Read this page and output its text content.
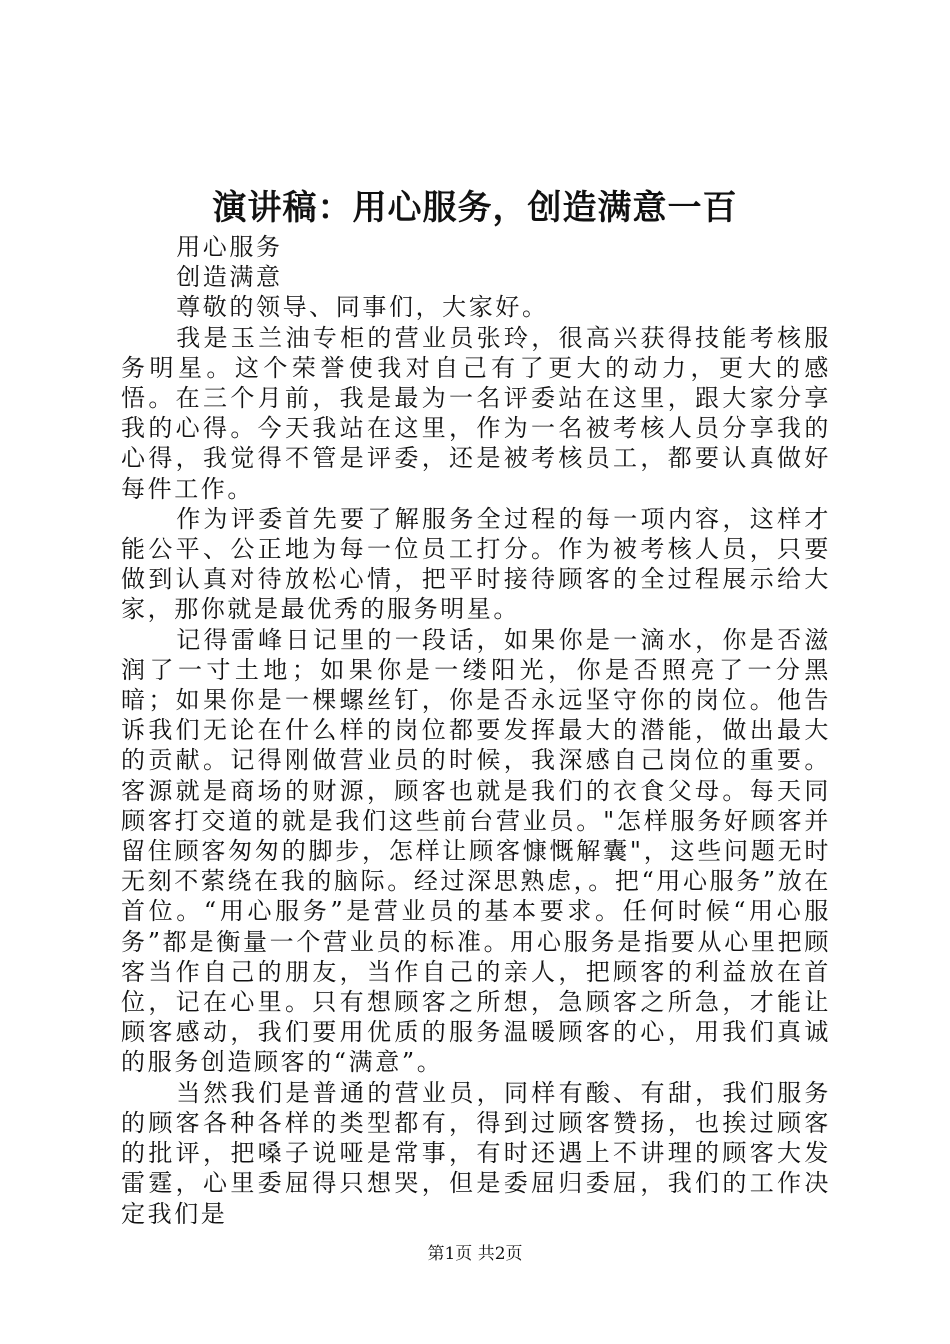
演讲稿：用心服务，创造满意一百

用心服务

创造满意

尊敬的领导、同事们，大家好。

我是玉兰油专柜的营业员张玲，很高兴获得技能考核服务明星。这个荣誉使我对自己有了更大的动力，更大的感悟。在三个月前，我是最为一名评委站在这里，跟大家分享我的心得。今天我站在这里，作为一名被考核人员分享我的心得，我觉得不管是评委，还是被考核员工，都要认真做好每件工作。

作为评委首先要了解服务全过程的每一项内容，这样才能公平、公正地为每一位员工打分。作为被考核人员，只要做到认真对待放松心情，把平时接待顾客的全过程展示给大家，那你就是最优秀的服务明星。

记得雷峰日记里的一段话，如果你是一滴水，你是否滋润了一寸土地；如果你是一缕阳光，你是否照亮了一分黑暗；如果你是一棵螺丝钉，你是否永远坚守你的岗位。他告诉我们无论在什么样的岗位都要发挥最大的潜能，做出最大的贡献。记得刚做营业员的时候，我深感自己岗位的重要。客源就是商场的财源，顾客也就是我们的衣食父母。每天同顾客打交道的就是我们这些前台营业员。"怎样服务好顾客并留住顾客匆匆的脚步，怎样让顾客慷慨解囊"，这些问题无时无刻不萦绕在我的脑际。经过深思熟虑，。把“用心服务”放在首位。“用心服务”是营业员的基本要求。任何时候“用心服务”都是衡量一个营业员的标准。用心服务是指要从心里把顾客当作自己的朋友，当作自己的亲人，把顾客的利益放在首位，记在心里。只有想顾客之所想，急顾客之所急，才能让顾客感动，我们要用优质的服务温暖顾客的心，用我们真诚的服务创造顾客的“满意”。

当然我们是普通的营业员，同样有酸、有甜，我们服务的顾客各种各样的类型都有，得到过顾客赞扬，也挨过顾客的批评，把嗓子说哑是常事，有时还遇上不讲理的顾客大发雷霆，心里委屈得只想哭，但是委屈归委屈，我们的工作决定我们是

第1页 共2页
